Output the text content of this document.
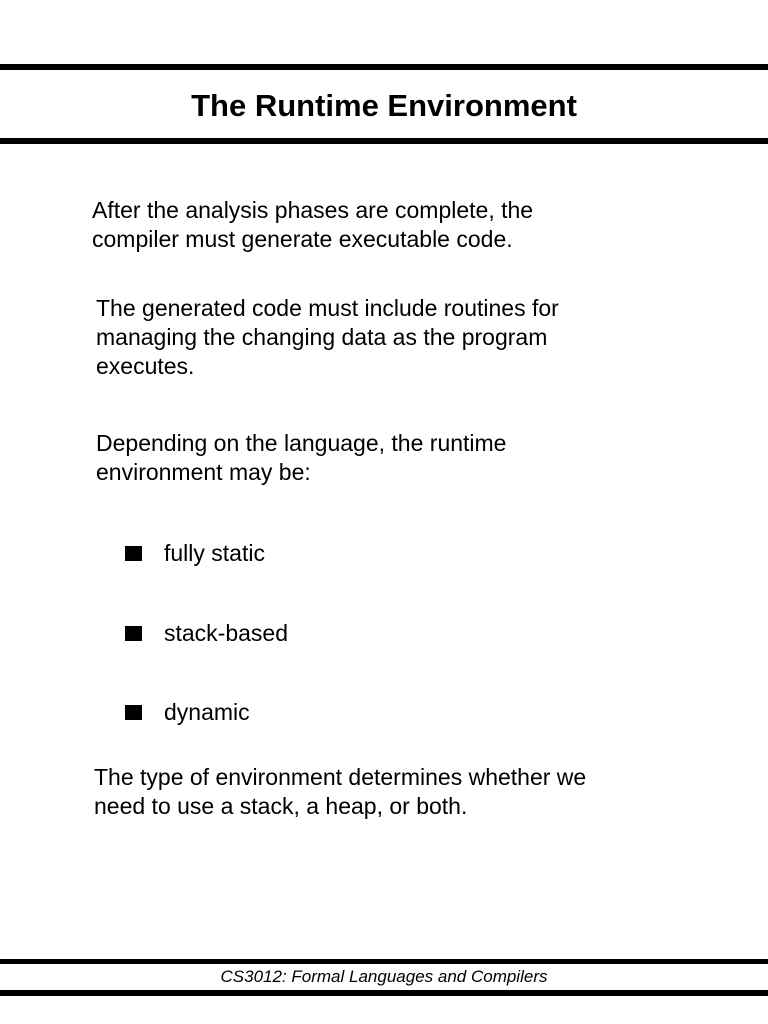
The Runtime Environment

After the analysis phases are complete, the
compiler must generate executable code.

The generated code must include routines for
managing the changing data as the program
executes.

Depending on the language, the runtime
environment may be:

fully static
stack-based
dynamic

The type of environment determines whether we
need to use a stack, a heap, or both.

CS3012: Formal Languages and Compilers
